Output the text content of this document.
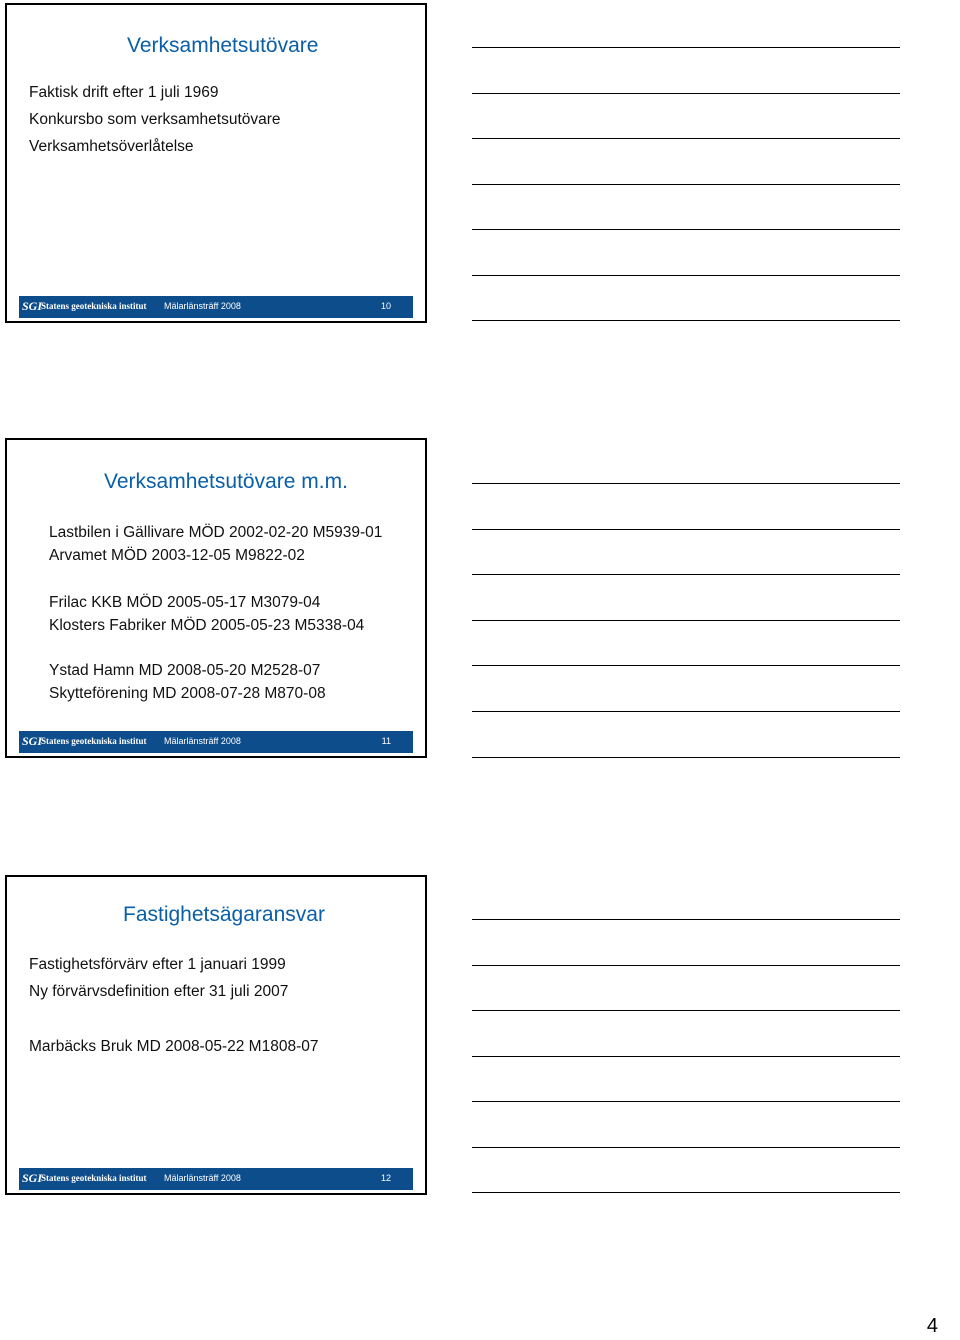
Verksamhetsutövare
Faktisk drift efter 1 juli 1969
Konkursbo som verksamhetsutövare
Verksamhetsöverlåtelse
SGI
Statens geotekniska institut Mälarlänsträff 2008	10
Verksamhetsutövare m.m.
Lastbilen i Gällivare MÖD 2002-02-20 M5939-01
Arvamet MÖD 2003-12-05 M9822-02
Frilac KKB MÖD 2005-05-17 M3079-04
Klosters Fabriker MÖD 2005-05-23 M5338-04
Ystad Hamn MD 2008-05-20 M2528-07
Skytteförening MD 2008-07-28 M870-08
SGI
Statens geotekniska institut Mälarlänsträff 2008	11
Fastighetsägaransvar
Fastighetsförvärv efter 1 januari 1999
Ny förvärvsdefinition efter 31 juli 2007
Marbäcks Bruk MD 2008-05-22 M1808-07
SGI
Statens geotekniska institut Mälarlänsträff 2008	12
4
